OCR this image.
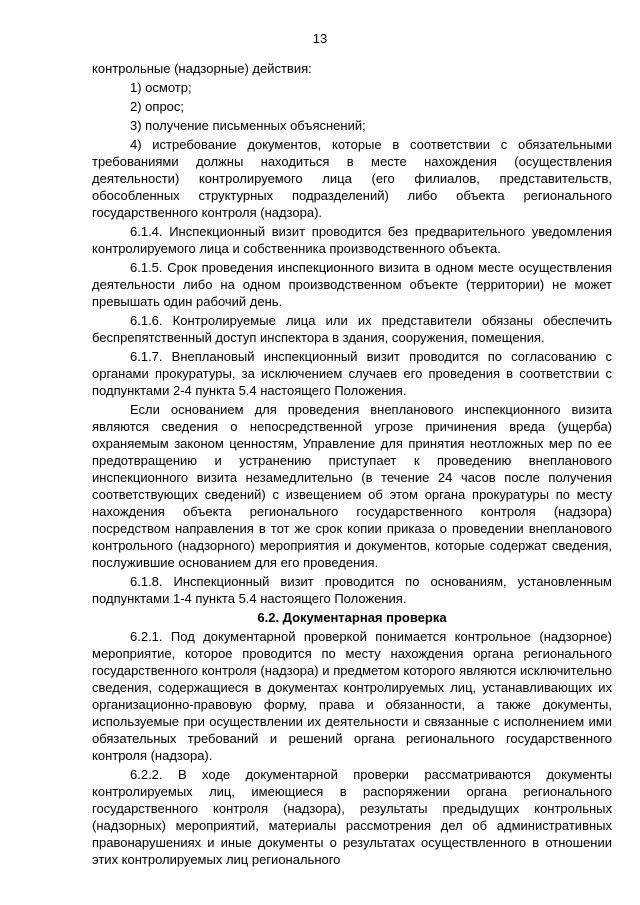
13

контрольные (надзорные) действия:

1) осмотр;

2) опрос;

3) получение письменных объяснений;

4) истребование документов, которые в соответствии с обязательными требованиями должны находиться в месте нахождения (осуществления деятельности) контролируемого лица (его филиалов, представительств, обособленных структурных подразделений) либо объекта регионального государственного контроля (надзора).

6.1.4. Инспекционный визит проводится без предварительного уведомления контролируемого лица и собственника производственного объекта.

6.1.5. Срок проведения инспекционного визита в одном месте осуществления деятельности либо на одном производственном объекте (территории) не может превышать один рабочий день.

6.1.6. Контролируемые лица или их представители обязаны обеспечить беспрепятственный доступ инспектора в здания, сооружения, помещения.

6.1.7. Внеплановый инспекционный визит проводится по согласованию с органами прокуратуры, за исключением случаев его проведения в соответствии с подпунктами 2-4 пункта 5.4 настоящего Положения.

Если основанием для проведения внепланового инспекционного визита являются сведения о непосредственной угрозе причинения вреда (ущерба) охраняемым законом ценностям, Управление для принятия неотложных мер по ее предотвращению и устранению приступает к проведению внепланового инспекционного визита незамедлительно (в течение 24 часов после получения соответствующих сведений) с извещением об этом органа прокуратуры по месту нахождения объекта регионального государственного контроля (надзора) посредством направления в тот же срок копии приказа о проведении внепланового контрольного (надзорного) мероприятия и документов, которые содержат сведения, послужившие основанием для его проведения.

6.1.8. Инспекционный визит проводится по основаниям, установленным подпунктами 1-4 пункта 5.4 настоящего Положения.

6.2. Документарная проверка

6.2.1. Под документарной проверкой понимается контрольное (надзорное) мероприятие, которое проводится по месту нахождения органа регионального государственного контроля (надзора) и предметом которого являются исключительно сведения, содержащиеся в документах контролируемых лиц, устанавливающих их организационно-правовую форму, права и обязанности, а также документы, используемые при осуществлении их деятельности и связанные с исполнением ими обязательных требований и решений органа регионального государственного контроля (надзора).

6.2.2. В ходе документарной проверки рассматриваются документы контролируемых лиц, имеющиеся в распоряжении органа регионального государственного контроля (надзора), результаты предыдущих контрольных (надзорных) мероприятий, материалы рассмотрения дел об административных правонарушениях и иные документы о результатах осуществленного в отношении этих контролируемых лиц регионального
